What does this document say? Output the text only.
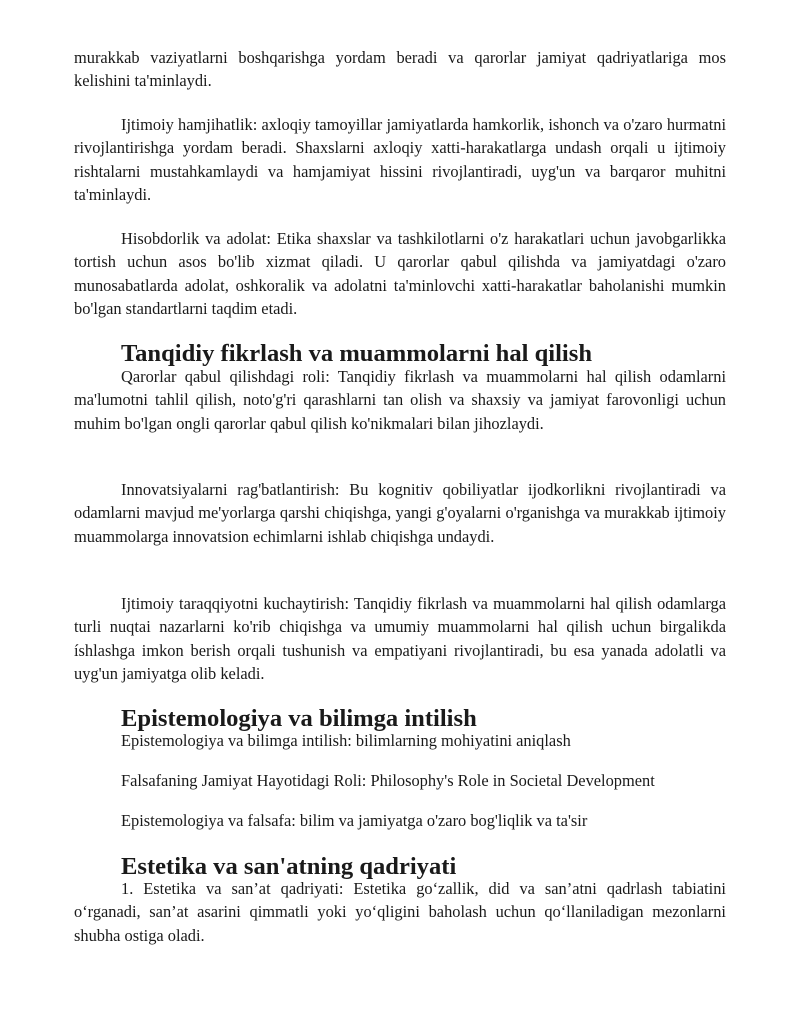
murakkab vaziyatlarni boshqarishga yordam beradi va qarorlar jamiyat qadriyatlariga mos kelishini ta'minlaydi.

Ijtimoiy hamjihatlik: axloqiy tamoyillar jamiyatlarda hamkorlik, ishonch va o'zaro hurmatni rivojlantirishga yordam beradi. Shaxslarni axloqiy xatti-harakatlarga undash orqali u ijtimoiy rishtalarni mustahkamlaydi va hamjamiyat hissini rivojlantiradi, uyg'un va barqaror muhitni ta'minlaydi.

Hisobdorlik va adolat: Etika shaxslar va tashkilotlarni o'z harakatlari uchun javobgarlikka tortish uchun asos bo'lib xizmat qiladi. U qarorlar qabul qilishda va jamiyatdagi o'zaro munosabatlarda adolat, oshkoralik va adolatni ta'minlovchi xatti-harakatlar baholanishi mumkin bo'lgan standartlarni taqdim etadi.

Tanqidiy fikrlash va muammolarni hal qilish

Qarorlar qabul qilishdagi roli: Tanqidiy fikrlash va muammolarni hal qilish odamlarni ma'lumotni tahlil qilish, noto'g'ri qarashlarni tan olish va shaxsiy va jamiyat farovonligi uchun muhim bo'lgan ongli qarorlar qabul qilish ko'nikmalari bilan jihozlaydi.

Innovatsiyalarni rag'batlantirish: Bu kognitiv qobiliyatlar ijodkorlikni rivojlantiradi va odamlarni mavjud me'yorlarga qarshi chiqishga, yangi g'oyalarni o'rganishga va murakkab ijtimoiy muammolarga innovatsion echimlarni ishlab chiqishga undaydi.

Ijtimoiy taraqqiyotni kuchaytirish: Tanqidiy fikrlash va muammolarni hal qilish odamlarga turli nuqtai nazarlarni ko'rib chiqishga va umumiy muammolarni hal qilish uchun birgalikda íshlashga imkon berish orqali tushunish va empatiyani rivojlantiradi, bu esa yanada adolatli va uyg'un jamiyatga olib keladi.

Epistemologiya va bilimga intilish

Epistemologiya va bilimga intilish: bilimlarning mohiyatini aniqlash

Falsafaning Jamiyat Hayotidagi Roli: Philosophy's Role in Societal Development

Epistemologiya va falsafa: bilim va jamiyatga o'zaro bog'liqlik va ta'sir

Estetika va san'atning qadriyati

1. Estetika va san’at qadriyati: Estetika go‘zallik, did va san’atni qadrlash tabiatini o‘rganadi, san’at asarini qimmatli yoki yo‘qligini baholash uchun qo‘llaniladigan mezonlarni shubha ostiga oladi.
